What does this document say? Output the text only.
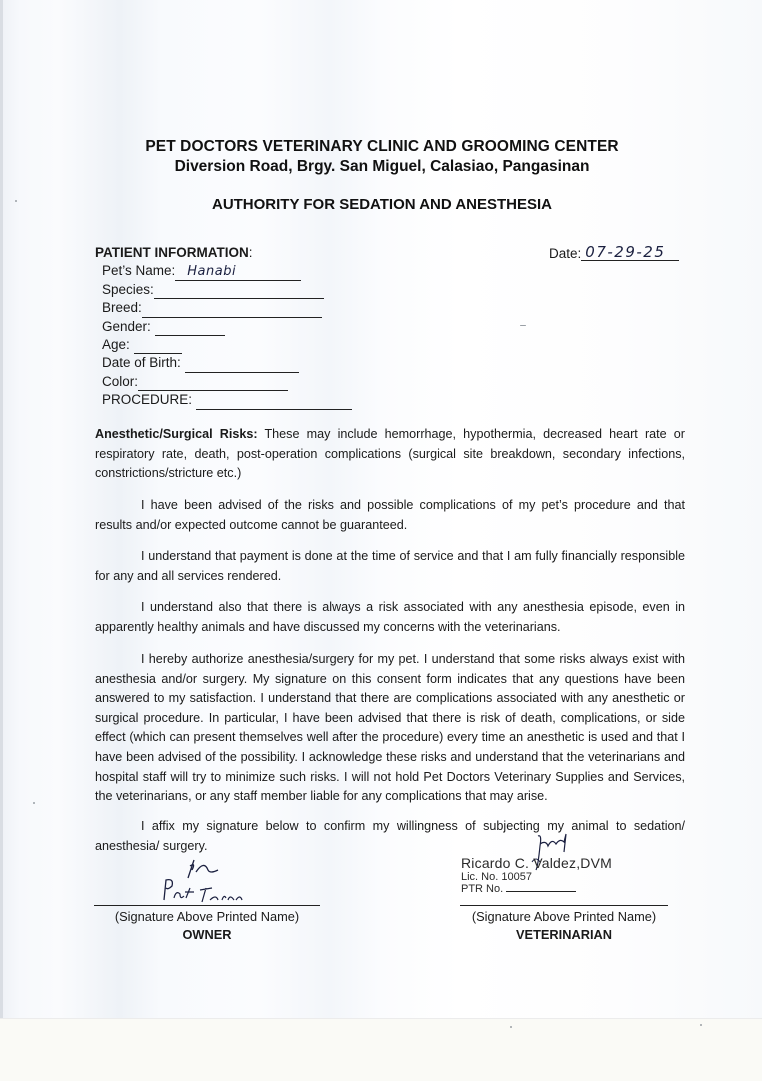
PET DOCTORS VETERINARY CLINIC AND GROOMING CENTER
Diversion Road, Brgy. San Miguel, Calasiao, Pangasinan
AUTHORITY FOR SEDATION AND ANESTHESIA
PATIENT INFORMATION:
Pet’s Name: Hanabi
Species:
Breed:
Gender:
Age:
Date of Birth:
Color:
PROCEDURE:
Date: 07-29-25
Anesthetic/Surgical Risks: These may include hemorrhage, hypothermia, decreased heart rate or respiratory rate, death, post-operation complications (surgical site breakdown, secondary infections, constrictions/stricture etc.)
I have been advised of the risks and possible complications of my pet’s procedure and that results and/or expected outcome cannot be guaranteed.
I understand that payment is done at the time of service and that I am fully financially responsible for any and all services rendered.
I understand also that there is always a risk associated with any anesthesia episode, even in apparently healthy animals and have discussed my concerns with the veterinarians.
I hereby authorize anesthesia/surgery for my pet. I understand that some risks always exist with anesthesia and/or surgery. My signature on this consent form indicates that any questions have been answered to my satisfaction. I understand that there are complications associated with any anesthetic or surgical procedure. In particular, I have been advised that there is risk of death, complications, or side effect (which can present themselves well after the procedure) every time an anesthetic is used and that I have been advised of the possibility. I acknowledge these risks and understand that the veterinarians and hospital staff will try to minimize such risks. I will not hold Pet Doctors Veterinary Supplies and Services, the veterinarians, or any staff member liable for any complications that may arise.
I affix my signature below to confirm my willingness of subjecting my animal to sedation/ anesthesia/ surgery.
Ricardo C. Valdez,DVM
Lic. No. 10057
PTR No.
(Signature Above Printed Name)
OWNER
(Signature Above Printed Name)
VETERINARIAN
